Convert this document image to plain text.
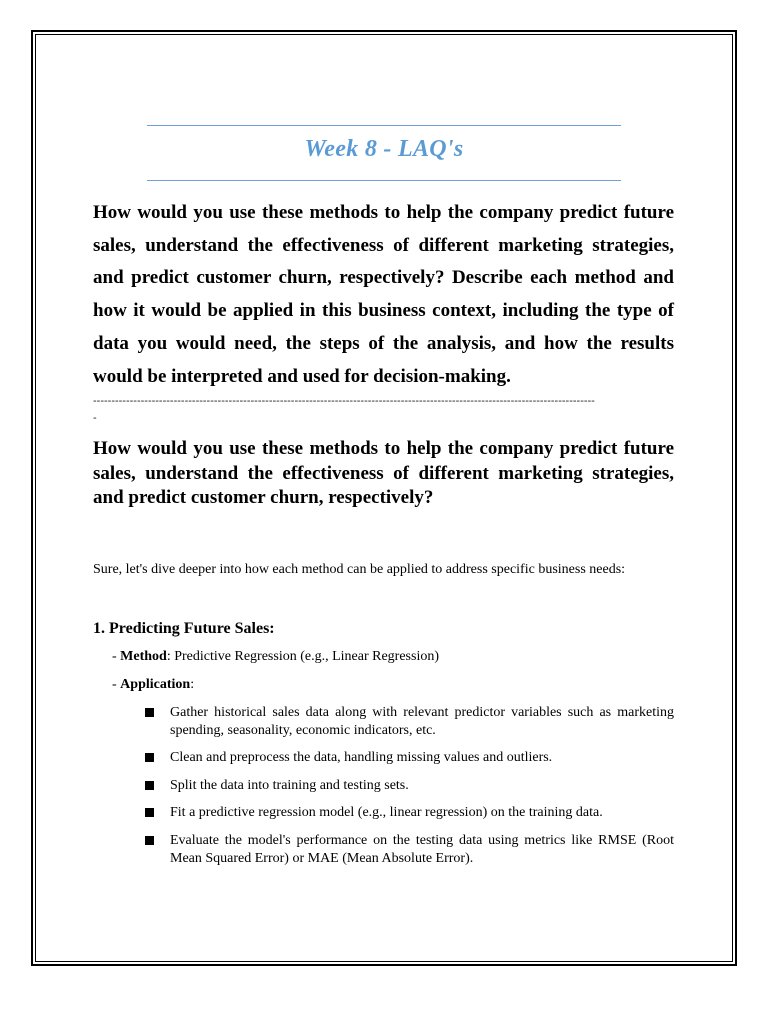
Week 8 - LAQ's

How would you use these methods to help the company predict future sales, understand the effectiveness of different marketing strategies, and predict customer churn, respectively? Describe each method and how it would be applied in this business context, including the type of data you would need, the steps of the analysis, and how the results would be interpreted and used for decision-making.

-----------------------------------------------------------------------------------------------------------------------------------------

-

How would you use these methods to help the company predict future sales, understand the effectiveness of different marketing strategies, and predict customer churn, respectively?

Sure, let's dive deeper into how each method can be applied to address specific business needs:

1. Predicting Future Sales:
- Method: Predictive Regression (e.g., Linear Regression)
- Application:
Gather historical sales data along with relevant predictor variables such as marketing spending, seasonality, economic indicators, etc.
Clean and preprocess the data, handling missing values and outliers.
Split the data into training and testing sets.
Fit a predictive regression model (e.g., linear regression) on the training data.
Evaluate the model's performance on the testing data using metrics like RMSE (Root Mean Squared Error) or MAE (Mean Absolute Error).
